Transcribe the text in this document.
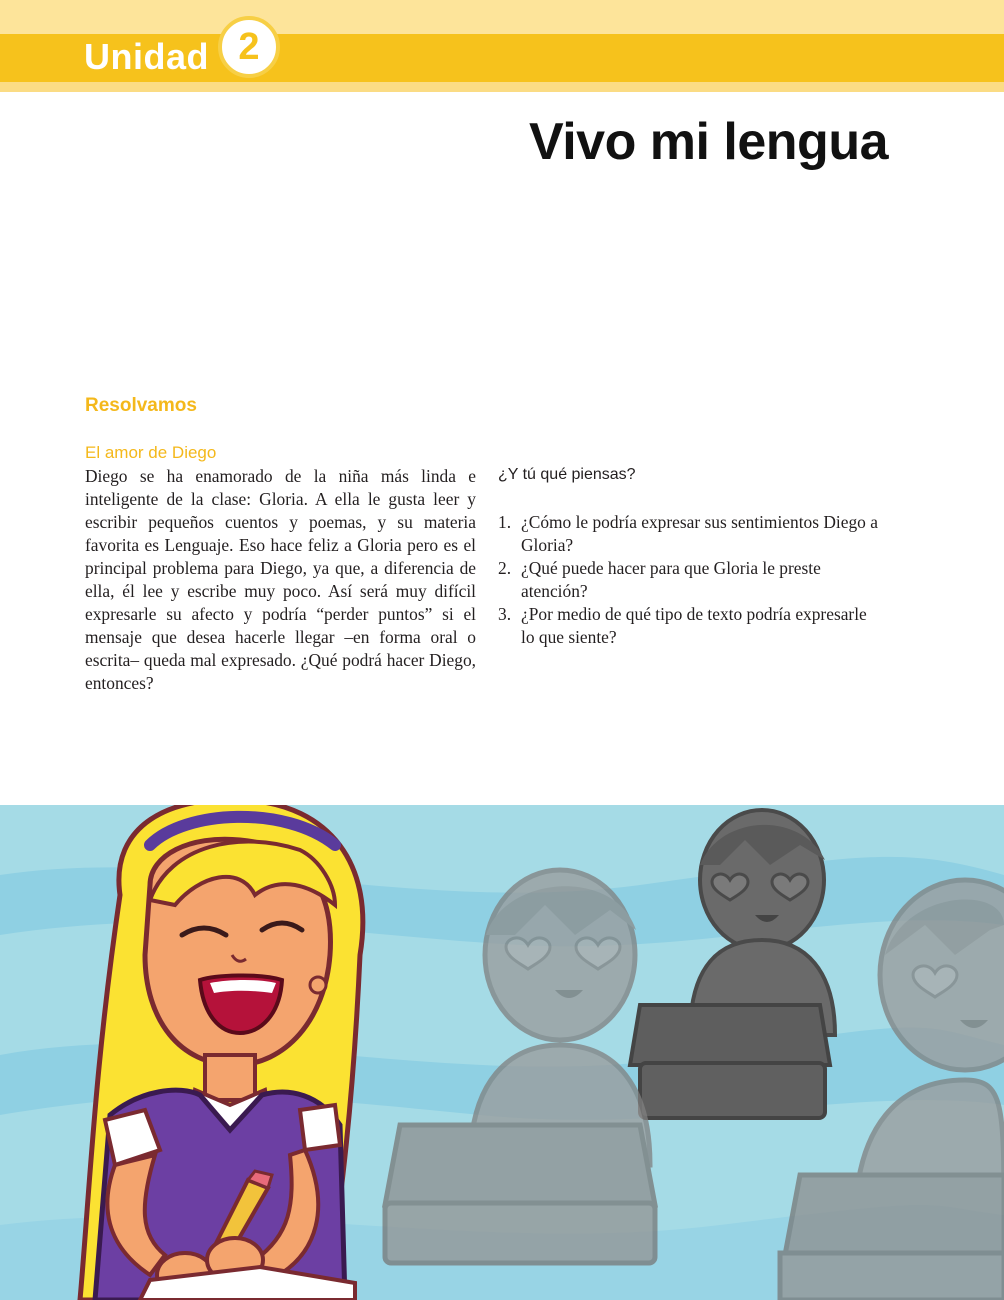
Unidad 2
Vivo mi lengua
Resolvamos
El amor de Diego

Diego se ha enamorado de la niña más linda e inteligente de la clase: Gloria. A ella le gusta leer y escribir pequeños cuentos y poemas, y su materia favorita es Lenguaje. Eso hace feliz a Gloria pero es el principal problema para Diego, ya que, a diferencia de ella, él lee y escribe muy poco. Así será muy difícil expresarle su afecto y podría “perder puntos” si el mensaje que desea hacerle llegar –en forma oral o escrita– queda mal expresado. ¿Qué podrá hacer Diego, entonces?

¿Y tú qué piensas?
1. ¿Cómo le podría expresar sus sentimientos Diego a Gloria?
2. ¿Qué puede hacer para que Gloria le preste atención?
3. ¿Por medio de qué tipo de texto podría expresarle lo que siente?
